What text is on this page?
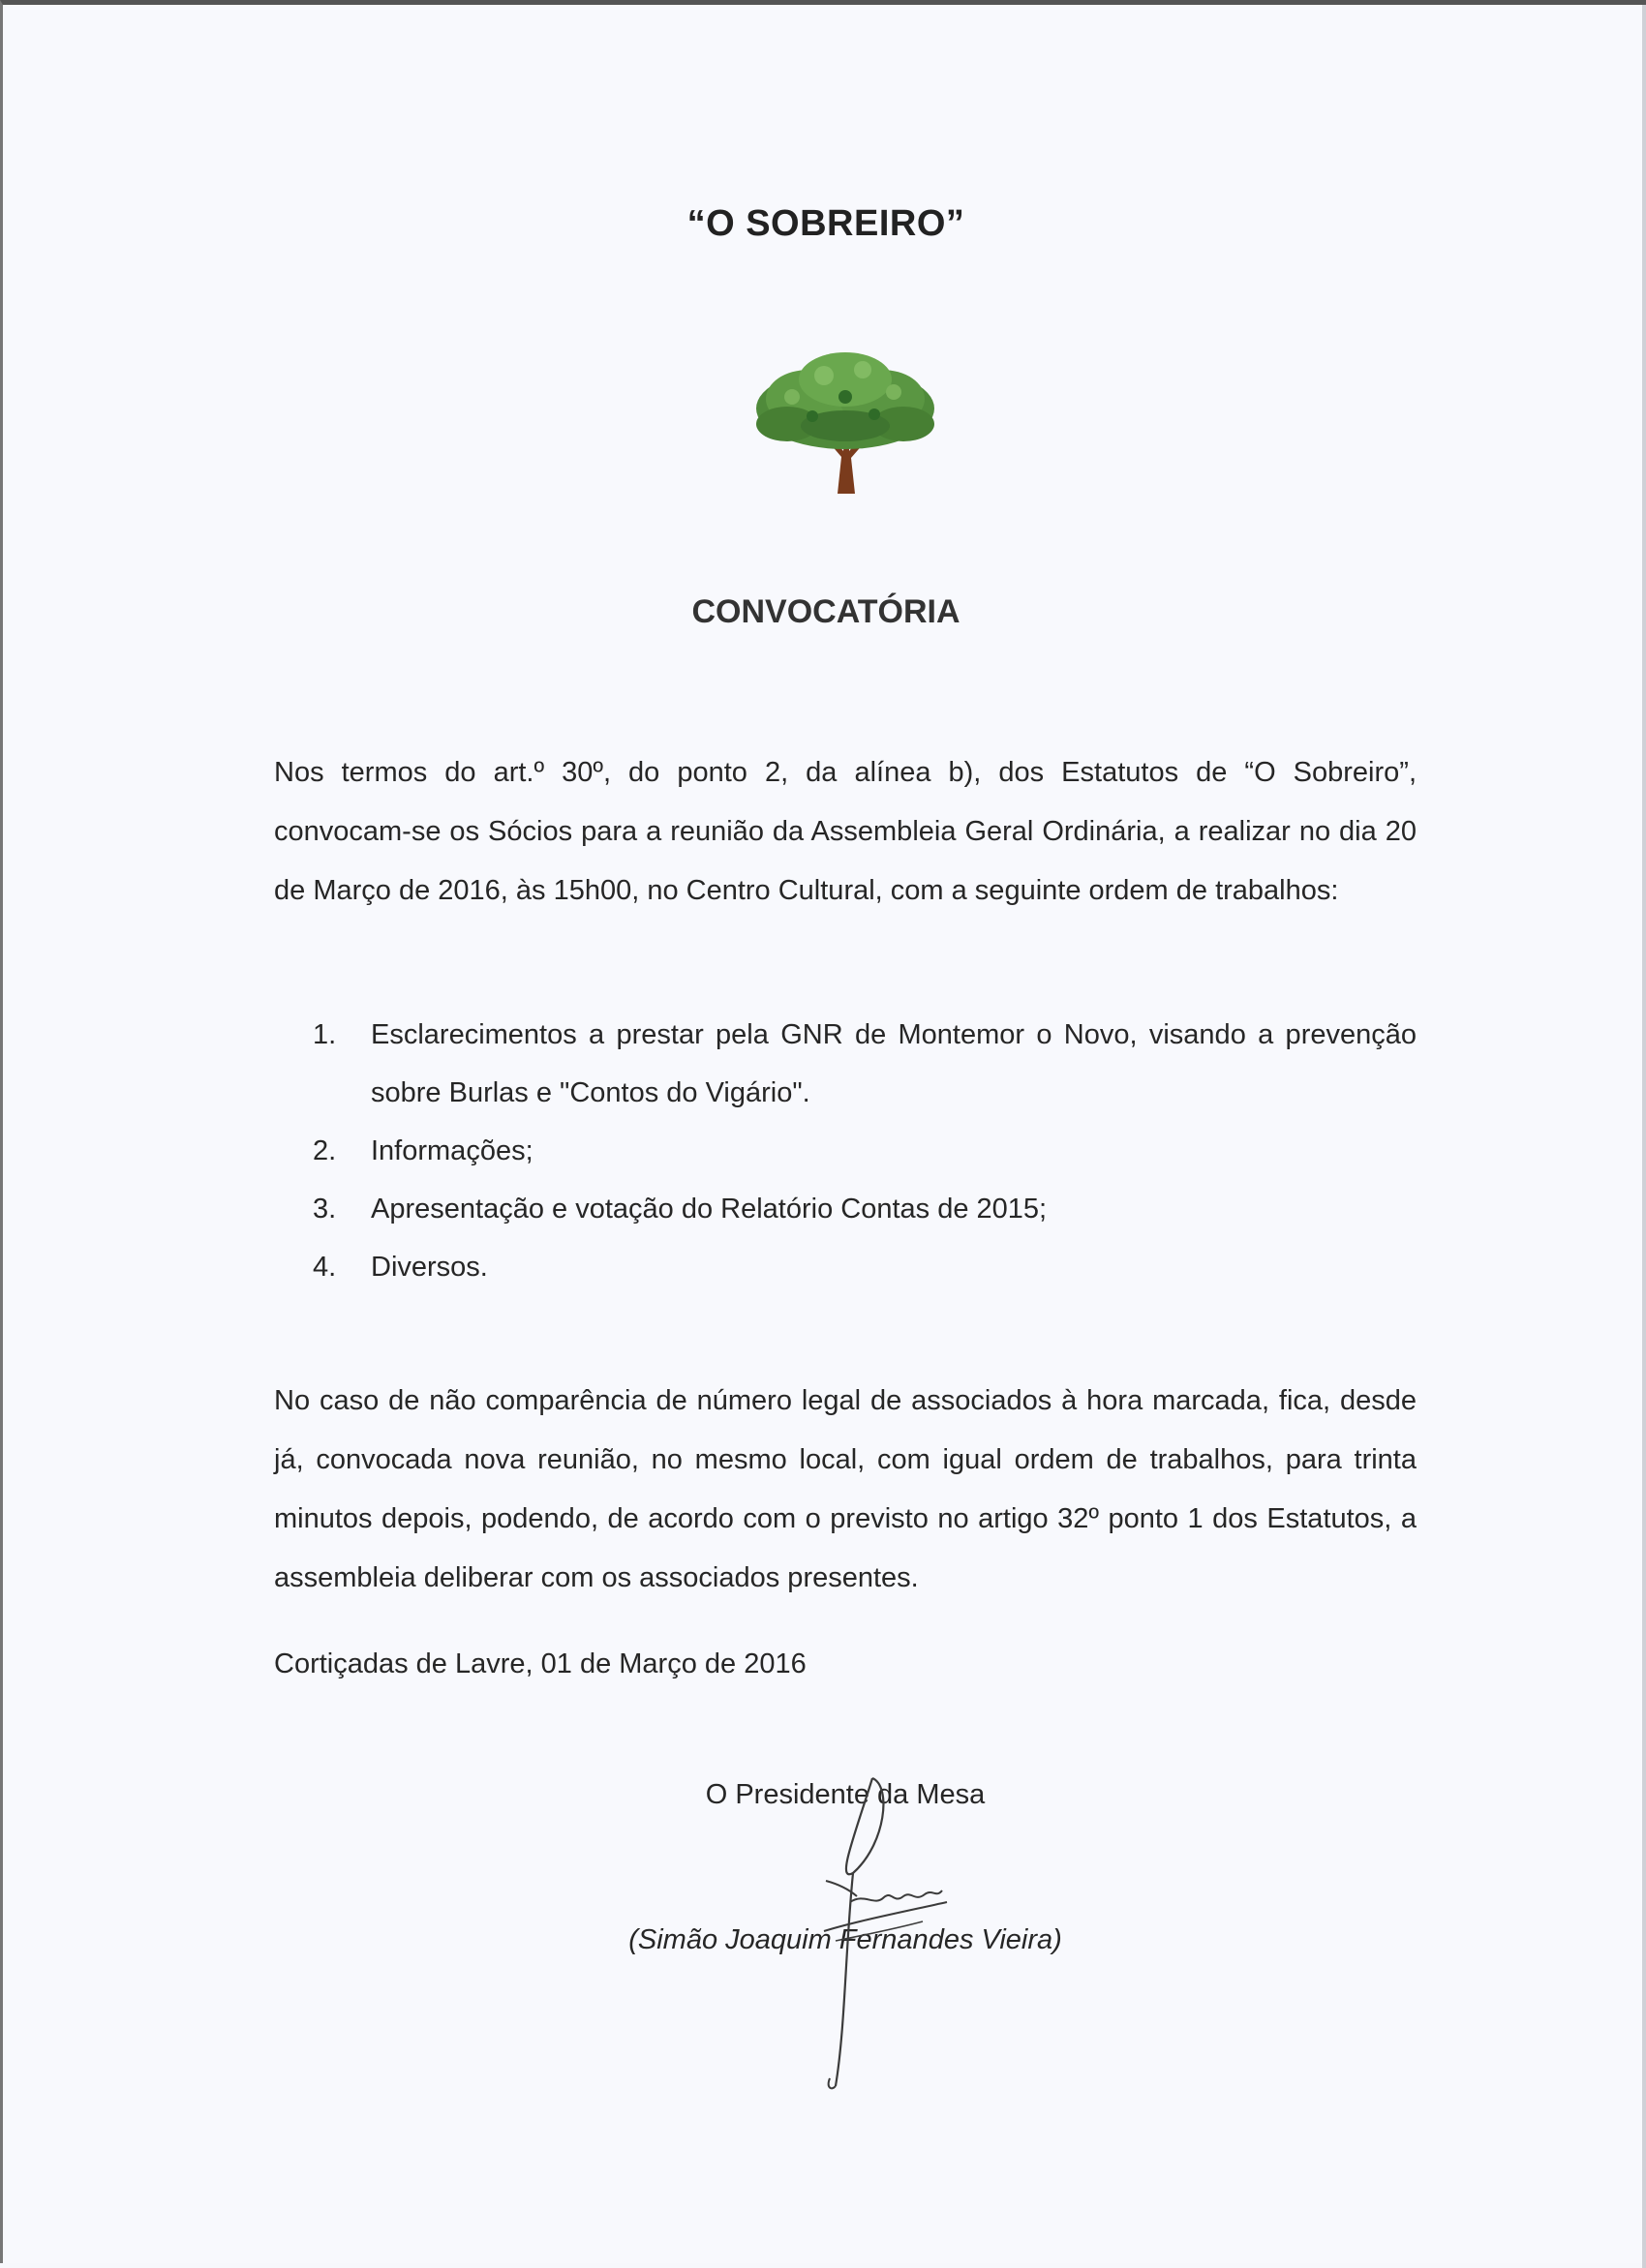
“O SOBREIRO”
CONVOCATÓRIA

Nos termos do art.º 30º, do ponto 2, da alínea b), dos Estatutos de “O Sobreiro”, convocam-se os Sócios para a reunião da Assembleia Geral Ordinária, a realizar no dia 20 de Março de 2016, às 15h00, no Centro Cultural, com a seguinte ordem de trabalhos:

1.	Esclarecimentos a prestar pela GNR de Montemor o Novo, visando a prevenção sobre Burlas e "Contos do Vigário".
2.	Informações;
3.	Apresentação e votação do Relatório Contas de 2015;
4.	Diversos.

No caso de não comparência de número legal de associados à hora marcada, fica, desde já, convocada nova reunião, no mesmo local, com igual ordem de trabalhos, para trinta minutos depois, podendo, de acordo com o previsto no artigo 32º ponto 1 dos Estatutos, a assembleia deliberar com os associados presentes.

Cortiçadas de Lavre, 01 de Março de 2016
O Presidente da Mesa
(Simão Joaquim Fernandes Vieira)
